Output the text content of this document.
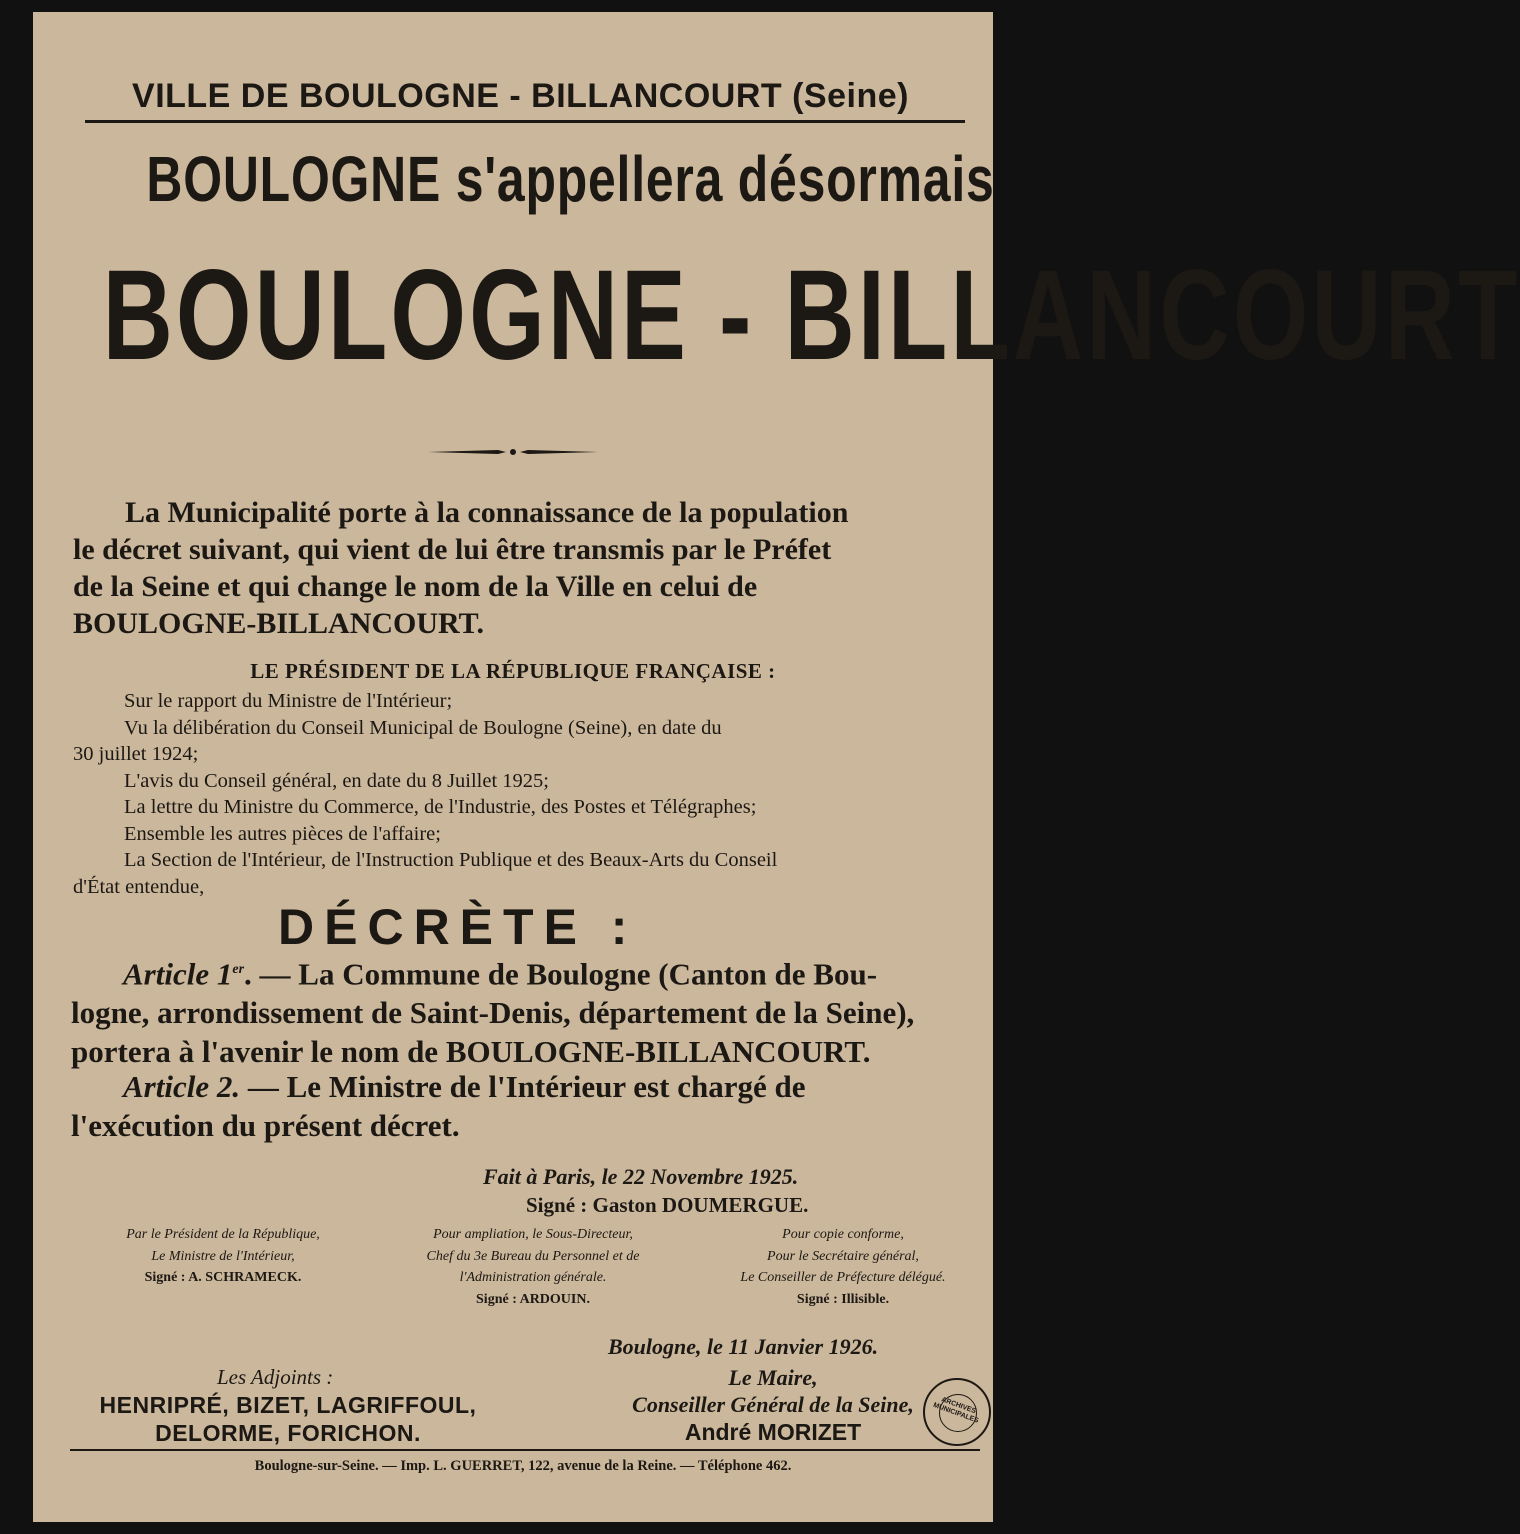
VILLE DE BOULOGNE - BILLANCOURT (Seine)
BOULOGNE s'appellera désormais
BOULOGNE - BILLANCOURT
La Municipalité porte à la connaissance de la population
le décret suivant, qui vient de lui être transmis par le Préfet
de la Seine et qui change le nom de la Ville en celui de
BOULOGNE-BILLANCOURT.
LE PRÉSIDENT DE LA RÉPUBLIQUE FRANÇAISE :
Sur le rapport du Ministre de l'Intérieur;
Vu la délibération du Conseil Municipal de Boulogne (Seine), en date du
30 juillet 1924;
L'avis du Conseil général, en date du 8 Juillet 1925;
La lettre du Ministre du Commerce, de l'Industrie, des Postes et Télégraphes;
Ensemble les autres pièces de l'affaire;
La Section de l'Intérieur, de l'Instruction Publique et des Beaux-Arts du Conseil
d'État entendue,
DÉCRÈTE :
Article 1er. — La Commune de Boulogne (Canton de Bou-
logne, arrondissement de Saint-Denis, département de la Seine),
portera à l'avenir le nom de BOULOGNE-BILLANCOURT.
Article 2. — Le Ministre de l'Intérieur est chargé de
l'exécution du présent décret.
Fait à Paris, le 22 Novembre 1925.
Signé : Gaston DOUMERGUE.
Par le Président de la République,
Le Ministre de l'Intérieur,
Signé : A. SCHRAMECK.
Pour ampliation, le Sous-Directeur,
Chef du 3e Bureau du Personnel et de
l'Administration générale.
Signé : ARDOUIN.
Pour copie conforme,
Pour le Secrétaire général,
Le Conseiller de Préfecture délégué.
Signé : Illisible.
Boulogne, le 11 Janvier 1926.
Les Adjoints :
HENRIPRÉ, BIZET, LAGRIFFOUL,
DELORME, FORICHON.
Le Maire,
Conseiller Général de la Seine,
André MORIZET
ARCHIVES MUNICIPALES
Boulogne-sur-Seine. — Imp. L. GUERRET, 122, avenue de la Reine. — Téléphone 462.
